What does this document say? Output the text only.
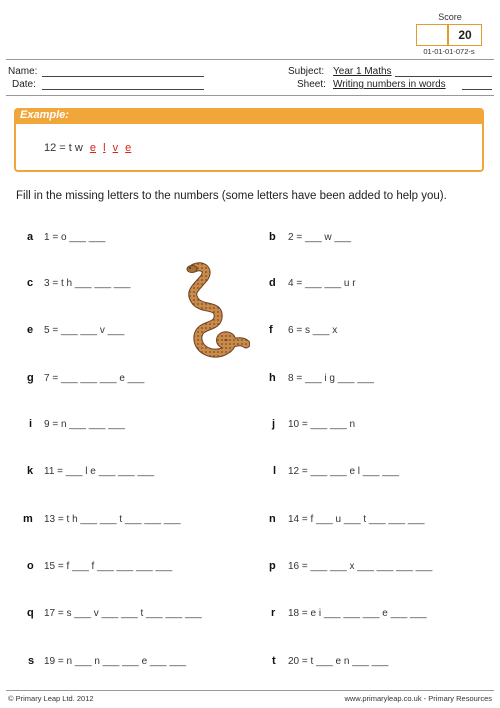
Score
20
01-01-01-072-s
Name:
Date:
Subject: Year 1 Maths
Sheet: Writing numbers in words
Example:
12 = t w e l v e
Fill in the missing letters to the numbers (some letters have been added to help you).
a 1 = o ___ ___	b 2 = ___ w ___
c 3 = t h ___ ___ ___	d 4 = ___ ___ u r
e 5 = ___ ___ v ___	f 6 = s ___ x
g 7 = ___ ___ ___ e ___	h 8 = ___ i g ___ ___
i 9 = n ___ ___ ___	j 10 = ___ ___ n
k 11 = ___ l e ___ ___ ___	l 12 = ___ ___ e l ___ ___
m 13 = t h ___ ___ t ___ ___ ___	n 14 = f ___ u ___ t ___ ___ ___
o 15 = f ___ f ___ ___ ___ ___	p 16 = ___ ___ x ___ ___ ___ ___
q 17 = s ___ v ___ ___ t ___ ___ ___	r 18 = e i ___ ___ ___ e ___ ___
s 19 = n ___ n ___ ___ e ___ ___	t 20 = t ___ e n ___ ___
© Primary Leap Ltd. 2012	www.primaryleap.co.uk - Primary Resources
